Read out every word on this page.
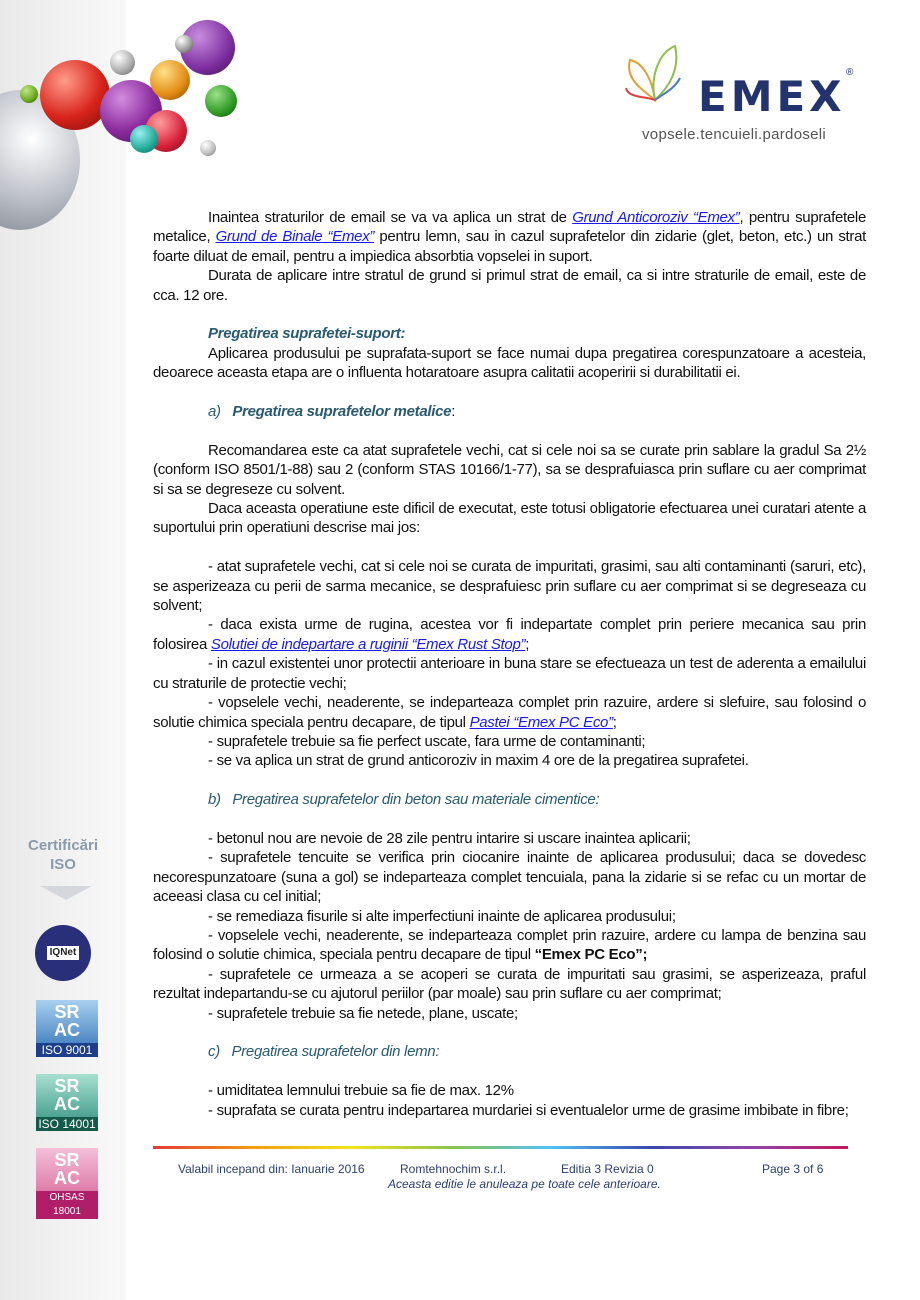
EMEX ®
vopsele.tencuieli.pardoseli
Certificări
ISO
IQNet
SR
AC
ISO 9001
SR
AC
ISO 14001
SR
AC
OHSAS 18001

Inaintea straturilor de email se va va aplica un strat de Grund Anticoroziv “Emex”, pentru suprafetele metalice, Grund de Binale “Emex” pentru lemn, sau in cazul suprafetelor din zidarie (glet, beton, etc.) un strat foarte diluat de email, pentru a impiedica absorbtia vopselei in suport.

Durata de aplicare intre stratul de grund si primul strat de email, ca si intre straturile de email, este de cca. 12 ore.

Pregatirea suprafetei-suport:

Aplicarea produsului pe suprafata-suport se face numai dupa pregatirea corespunzatoare a acesteia, deoarece aceasta etapa are o influenta hotaratoare asupra calitatii acoperirii si durabilitatii ei.

a) Pregatirea suprafetelor metalice:

Recomandarea este ca atat suprafetele vechi, cat si cele noi sa se curate prin sablare la gradul Sa 2½ (conform ISO 8501/1-88) sau 2 (conform STAS 10166/1-77), sa se desprafuiasca prin suflare cu aer comprimat si sa se degreseze cu solvent.

Daca aceasta operatiune este dificil de executat, este totusi obligatorie efectuarea unei curatari atente a suportului prin operatiuni descrise mai jos:

- atat suprafetele vechi, cat si cele noi se curata de impuritati, grasimi, sau alti contaminanti (saruri, etc), se asperizeaza cu perii de sarma mecanice, se desprafuiesc prin suflare cu aer comprimat si se degreseaza cu solvent;

- daca exista urme de rugina, acestea vor fi indepartate complet prin periere mecanica sau prin folosirea Solutiei de indepartare a ruginii “Emex Rust Stop”;

- in cazul existentei unor protectii anterioare in buna stare se efectueaza un test de aderenta a emailului cu straturile de protectie vechi;

- vopselele vechi, neaderente, se indeparteaza complet prin razuire, ardere si slefuire, sau folosind o solutie chimica speciala pentru decapare, de tipul Pastei “Emex PC Eco”;

- suprafetele trebuie sa fie perfect uscate, fara urme de contaminanti;

- se va aplica un strat de grund anticoroziv in maxim 4 ore de la pregatirea suprafetei.

b)   Pregatirea suprafetelor din beton sau materiale cimentice:

- betonul nou are nevoie de 28 zile pentru intarire si uscare inaintea aplicarii;

- suprafetele tencuite se verifica prin ciocanire inainte de aplicarea produsului; daca se dovedesc necorespunzatoare (suna a gol) se indeparteaza complet tencuiala, pana la zidarie si se refac cu un mortar de aceeasi clasa cu cel initial;

- se remediaza fisurile si alte imperfectiuni inainte de aplicarea produsului;

- vopselele vechi, neaderente, se indeparteaza complet prin razuire, ardere cu lampa de benzina sau folosind o solutie chimica, speciala pentru decapare de tipul “Emex PC Eco”;

- suprafetele ce urmeaza a se acoperi se curata de impuritati sau grasimi, se asperizeaza, praful rezultat indepartandu-se cu ajutorul periilor (par moale) sau prin suflare cu aer comprimat;

- suprafetele trebuie sa fie netede, plane, uscate;

c)   Pregatirea suprafetelor din lemn:

- umiditatea lemnului trebuie sa fie de max. 12%

- suprafata se curata pentru indepartarea murdariei si eventualelor urme de grasime imbibate in fibre;

Valabil incepand din: Ianuarie 2016	Romtehnochim s.r.l.	Editia 3 Revizia 0	Page 3 of 6
Aceasta editie le anuleaza pe toate cele anterioare.
